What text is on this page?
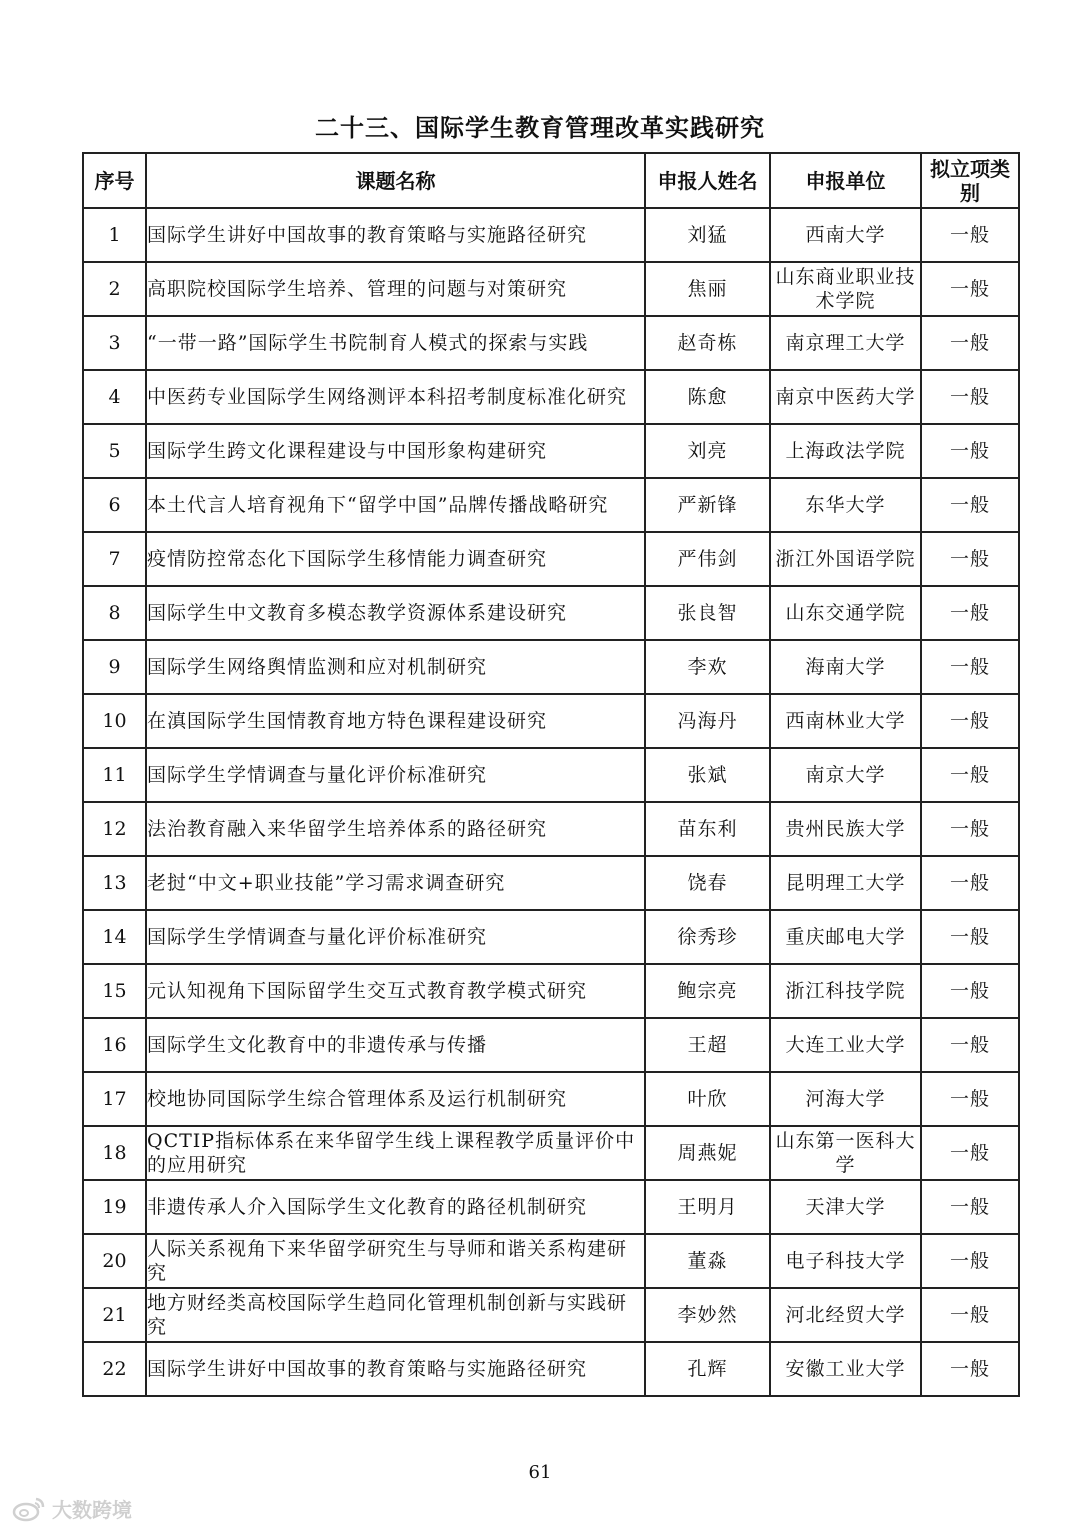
二十三、国际学生教育管理改革实践研究
序号	课题名称	申报人姓名	申报单位	拟立项类别
1	国际学生讲好中国故事的教育策略与实施路径研究	刘猛	西南大学	一般
2	高职院校国际学生培养、管理的问题与对策研究	焦丽	山东商业职业技术学院	一般
3	“一带一路”国际学生书院制育人模式的探索与实践	赵奇栋	南京理工大学	一般
4	中医药专业国际学生网络测评本科招考制度标准化研究	陈愈	南京中医药大学	一般
5	国际学生跨文化课程建设与中国形象构建研究	刘亮	上海政法学院	一般
6	本土代言人培育视角下“留学中国”品牌传播战略研究	严新锋	东华大学	一般
7	疫情防控常态化下国际学生移情能力调查研究	严伟剑	浙江外国语学院	一般
8	国际学生中文教育多模态教学资源体系建设研究	张良智	山东交通学院	一般
9	国际学生网络舆情监测和应对机制研究	李欢	海南大学	一般
10	在滇国际学生国情教育地方特色课程建设研究	冯海丹	西南林业大学	一般
11	国际学生学情调查与量化评价标准研究	张斌	南京大学	一般
12	法治教育融入来华留学生培养体系的路径研究	苗东利	贵州民族大学	一般
13	老挝“中文+职业技能”学习需求调查研究	饶春	昆明理工大学	一般
14	国际学生学情调查与量化评价标准研究	徐秀珍	重庆邮电大学	一般
15	元认知视角下国际留学生交互式教育教学模式研究	鲍宗亮	浙江科技学院	一般
16	国际学生文化教育中的非遗传承与传播	王超	大连工业大学	一般
17	校地协同国际学生综合管理体系及运行机制研究	叶欣	河海大学	一般
18	QCTIP指标体系在来华留学生线上课程教学质量评价中的应用研究	周燕妮	山东第一医科大学	一般
19	非遗传承人介入国际学生文化教育的路径机制研究	王明月	天津大学	一般
20	人际关系视角下来华留学研究生与导师和谐关系构建研究	董淼	电子科技大学	一般
21	地方财经类高校国际学生趋同化管理机制创新与实践研究	李妙然	河北经贸大学	一般
22	国际学生讲好中国故事的教育策略与实施路径研究	孔辉	安徽工业大学	一般
61
大数跨境
